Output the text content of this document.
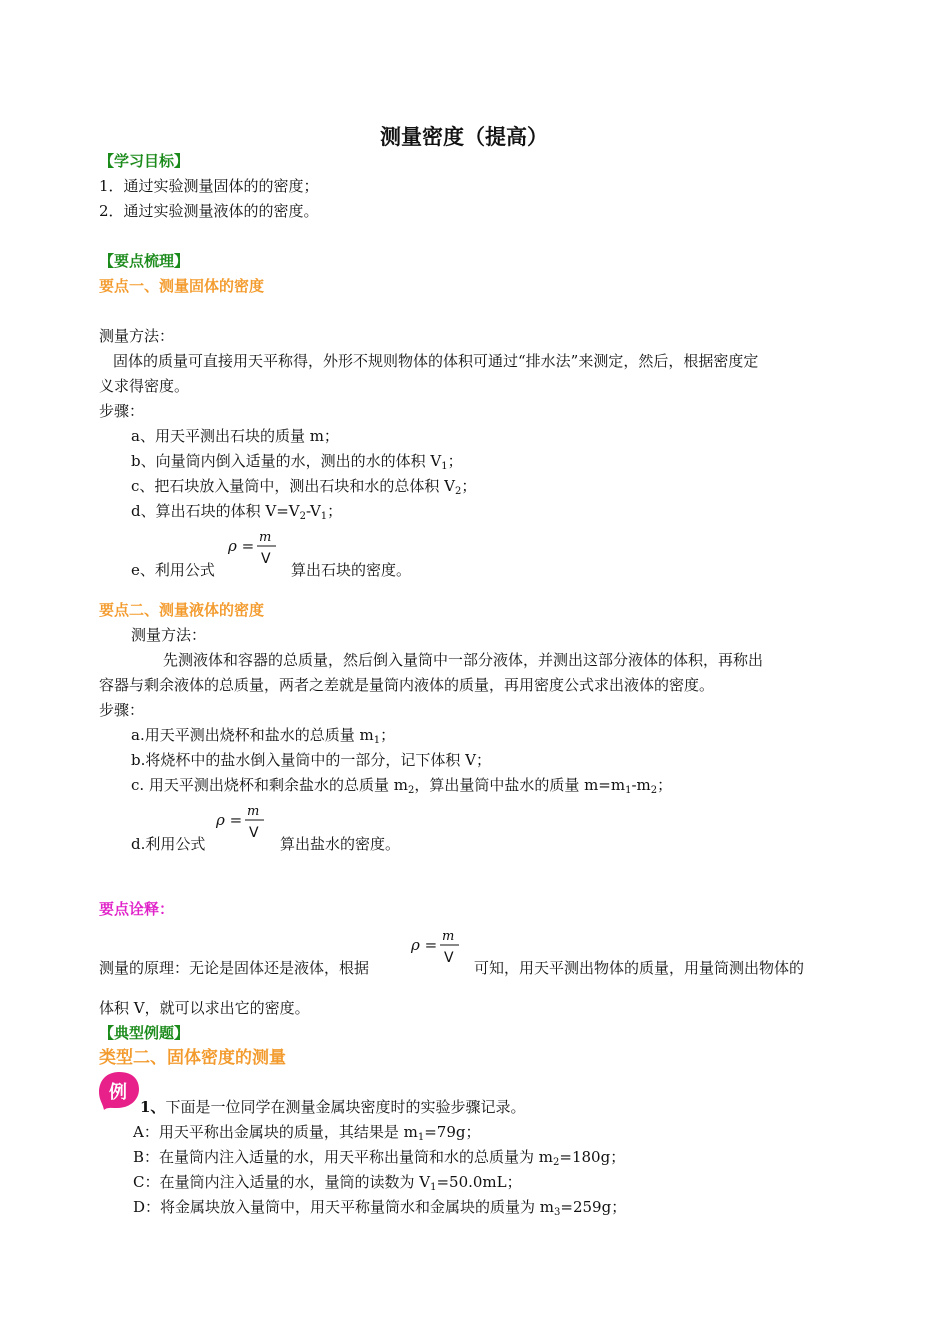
测量密度（提高）
【学习目标】
1．通过实验测量固体的的密度；
2．通过实验测量液体的的密度。
【要点梳理】
要点一、测量固体的密度
测量方法：
固体的质量可直接用天平称得，外形不规则物体的体积可通过“排水法”来测定，然后，根据密度定
义求得密度。
步骤：
a、用天平测出石块的质量 m；
b、向量筒内倒入适量的水，测出的水的体积 $V_1$；
c、把石块放入量筒中，测出石块和水的总体积 $V_2$；
d、算出石块的体积 $V=V_2-V_1$；
e、利用公式
ρ = m
V
算出石块的密度。
要点二、测量液体的密度
测量方法：
先测液体和容器的总质量，然后倒入量筒中一部分液体，并测出这部分液体的体积，再称出
容器与剩余液体的总质量，两者之差就是量筒内液体的质量，再用密度公式求出液体的密度。
步骤：
a.用天平测出烧杯和盐水的总质量 $m_1$；
b.将烧杯中的盐水倒入量筒中的一部分，记下体积 V；
c. 用天平测出烧杯和剩余盐水的总质量 $m_2$，算出量筒中盐水的质量 $m=m_1-m_2$；
d.利用公式
ρ = m
V
算出盐水的密度。
要点诠释：
测量的原理：无论是固体还是液体，根据
ρ = m
V
可知，用天平测出物体的质量，用量筒测出物体的
体积 V，就可以求出它的密度。
【典型例题】
类型二、固体密度的测量
例
1、下面是一位同学在测量金属块密度时的实验步骤记录。
A：用天平称出金属块的质量，其结果是 $m_1=79g$；
B：在量筒内注入适量的水，用天平称出量筒和水的总质量为 $m_2=180g$；
C：在量筒内注入适量的水，量筒的读数为 $V_1=50.0mL$；
D：将金属块放入量筒中，用天平称量筒水和金属块的质量为 $m_3=259g$；
